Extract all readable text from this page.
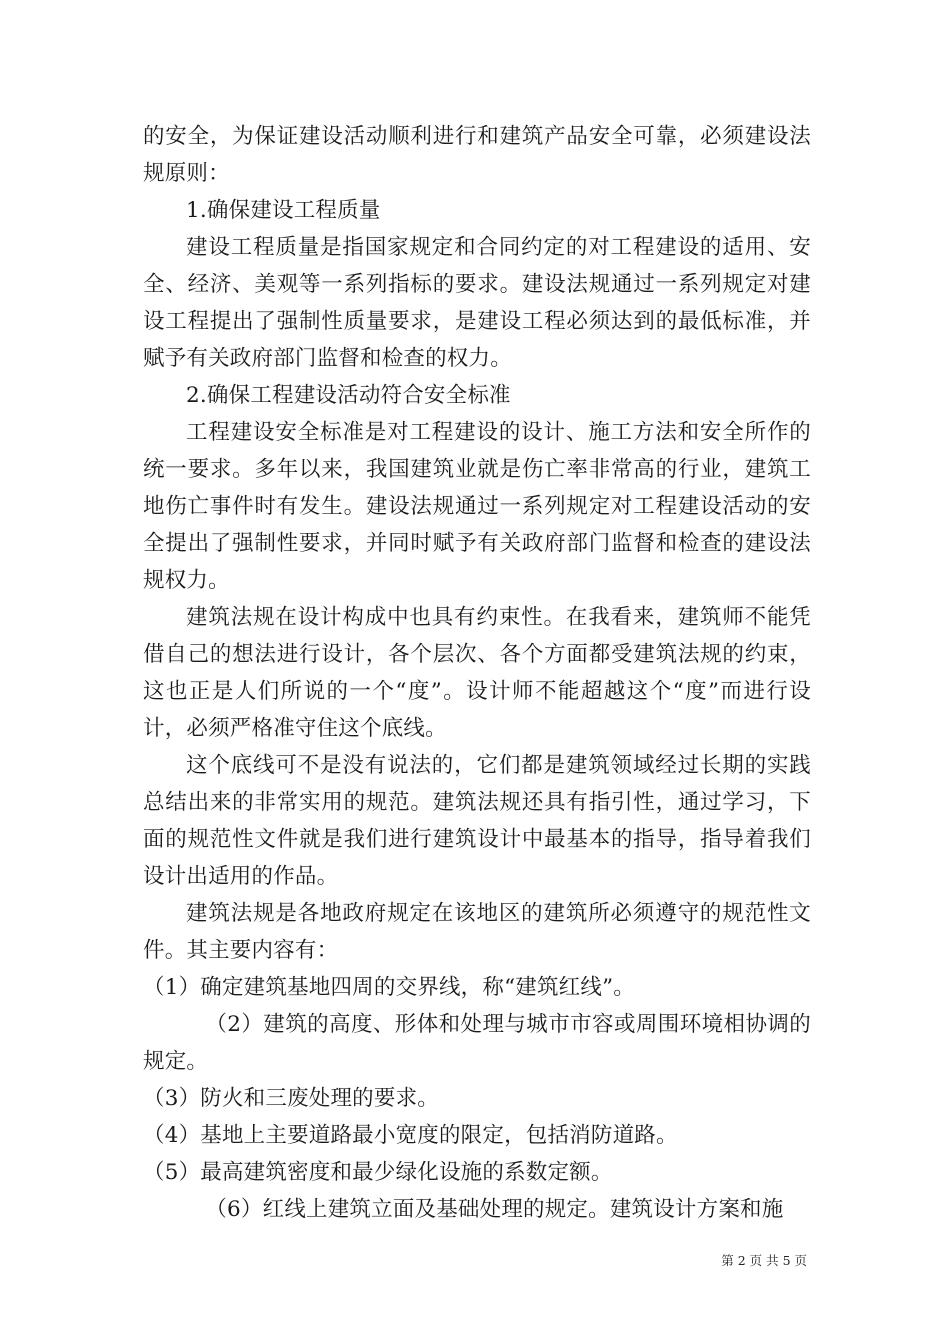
的安全，为保证建设活动顺利进行和建筑产品安全可靠，必须建设法规原则：

1.确保建设工程质量

建设工程质量是指国家规定和合同约定的对工程建设的适用、安全、经济、美观等一系列指标的要求。建设法规通过一系列规定对建设工程提出了强制性质量要求，是建设工程必须达到的最低标准，并赋予有关政府部门监督和检查的权力。

2.确保工程建设活动符合安全标准

工程建设安全标准是对工程建设的设计、施工方法和安全所作的统一要求。多年以来，我国建筑业就是伤亡率非常高的行业，建筑工地伤亡事件时有发生。建设法规通过一系列规定对工程建设活动的安全提出了强制性要求，并同时赋予有关政府部门监督和检查的建设法规权力。

建筑法规在设计构成中也具有约束性。在我看来，建筑师不能凭借自己的想法进行设计，各个层次、各个方面都受建筑法规的约束，这也正是人们所说的一个“度”。设计师不能超越这个“度”而进行设计，必须严格准守住这个底线。

这个底线可不是没有说法的，它们都是建筑领域经过长期的实践总结出来的非常实用的规范。建筑法规还具有指引性，通过学习，下面的规范性文件就是我们进行建筑设计中最基本的指导，指导着我们设计出适用的作品。

建筑法规是各地政府规定在该地区的建筑所必须遵守的规范性文件。其主要内容有：

（1）确定建筑基地四周的交界线，称“建筑红线”。

（2）建筑的高度、形体和处理与城市市容或周围环境相协调的规定。

（3）防火和三废处理的要求。

（4）基地上主要道路最小宽度的限定，包括消防道路。

（5）最高建筑密度和最少绿化设施的系数定额。

（6）红线上建筑立面及基础处理的规定。建筑设计方案和施

第 2 页 共 5 页
